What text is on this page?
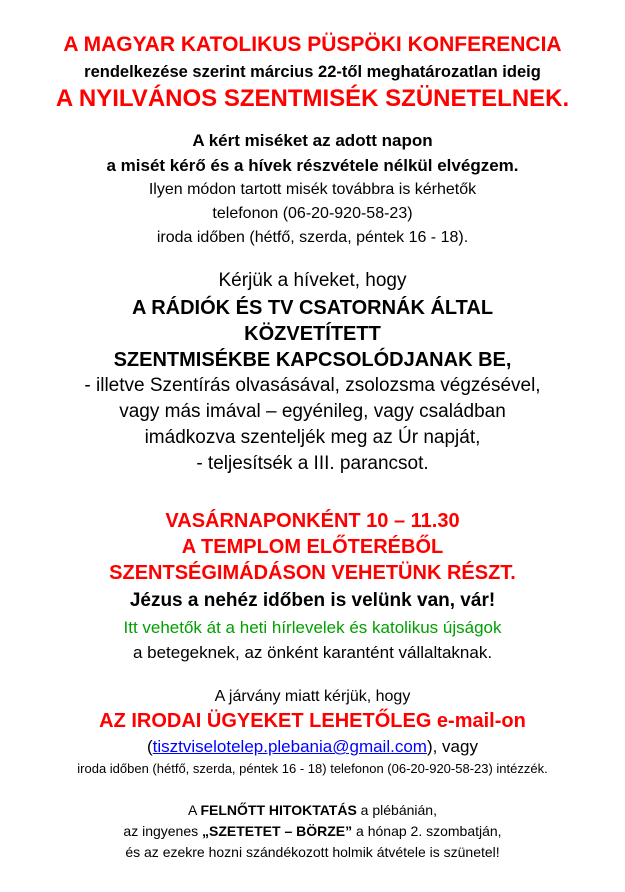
A MAGYAR KATOLIKUS PÜSPÖKI KONFERENCIA
rendelkezése szerint március 22-től meghatározatlan ideig
A NYILVÁNOS SZENTMISÉK SZÜNETELNEK.
A kért miséket az adott napon
a misét kérő és a hívek részvétele nélkül elvégzem.
Ilyen módon tartott misék továbbra is kérhetők
telefonon (06-20-920-58-23)
iroda időben (hétfő, szerda, péntek 16 - 18).
Kérjük a híveket, hogy
A RÁDIÓK ÉS TV CSATORNÁK ÁLTAL
KÖZVETÍTETT
SZENTMISÉKBE KAPCSOLÓDJANAK BE,
- illetve Szentírás olvasásával, zsolozsma végzésével,
vagy más imával – egyénileg, vagy családban
imádkozva szenteljék meg az Úr napját,
- teljesítsék a III. parancsot.
VASÁRNAPONKÉNT 10 – 11.30
A TEMPLOM ELŐTERÉBŐL
SZENTSÉGIMÁDÁSON VEHETÜNK RÉSZT.
Jézus a nehéz időben is velünk van, vár!
Itt vehetők át a heti hírlevelek és katolikus újságok
a betegeknek, az önként karantént vállaltaknak.
A járvány miatt kérjük, hogy
AZ IRODAI ÜGYEKET LEHETŐLEG e-mail-on
(tisztviselotelep.plebania@gmail.com), vagy
iroda időben (hétfő, szerda, péntek 16 - 18) telefonon (06-20-920-58-23) intézzék.
A FELNŐTT HITOKTATÁS a plébánián,
az ingyenes „SZETETET – BÖRZE” a hónap 2. szombatján,
és az ezekre hozni szándékozott holmik átvétele is szünetel!
